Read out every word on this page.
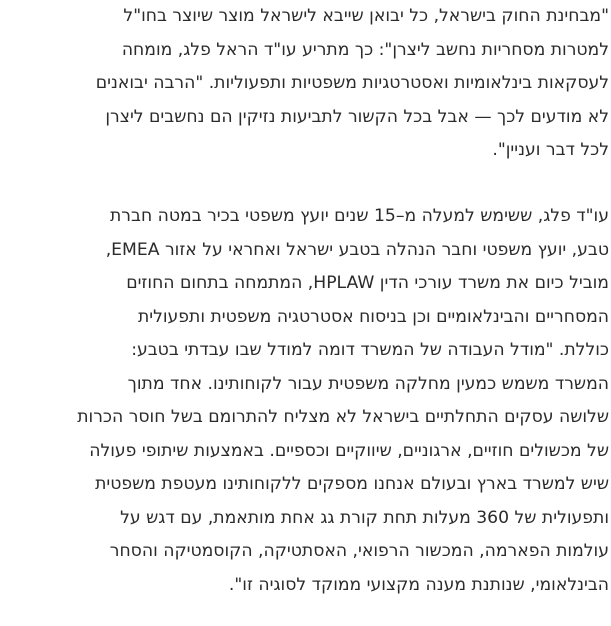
"מבחינת החוק בישראל, כל יבואן שייבא לישראל מוצר שיוצר בחו"ל
למטרות מסחריות נחשב ליצרן": כך מתריע עו"ד הראל פלג, מומחה
לעסקאות בינלאומיות ואסטרטגיות משפטיות ותפעוליות. "הרבה יבואנים
לא מודעים לכך — אבל בכל הקשור לתביעות נזיקין הם נחשבים ליצרן
לכל דבר ועניין".
עו"ד פלג, ששימש למעלה מ–15 שנים יועץ משפטי בכיר במטה חברת
טבע, יועץ משפטי וחבר הנהלה בטבע ישראל ואחראי על אזור EMEA,
מוביל כיום את משרד עורכי הדין HPLAW, המתמחה בתחום החוזים
המסחריים והבינלאומיים וכן בניסוח אסטרטגיה משפטית ותפעולית
כוללת. "מודל העבודה של המשרד דומה למודל שבו עבדתי בטבע:
המשרד משמש כמעין מחלקה משפטית עבור לקוחותינו. אחד מתוך
שלושה עסקים התחלתיים בישראל לא מצליח להתרומם בשל חוסר הכרות
של מכשולים חוזיים, ארגוניים, שיווקיים וכספיים. באמצעות שיתופי פעולה
שיש למשרד בארץ ובעולם אנחנו מספקים ללקוחותינו מעטפת משפטית
ותפעולית של 360 מעלות תחת קורת גג אחת מותאמת, עם דגש על
עולמות הפארמה, המכשור הרפואי, האסתטיקה, הקוסמטיקה והסחר
הבינלאומי, שנותנת מענה מקצועי ממוקד לסוגיה זו".
